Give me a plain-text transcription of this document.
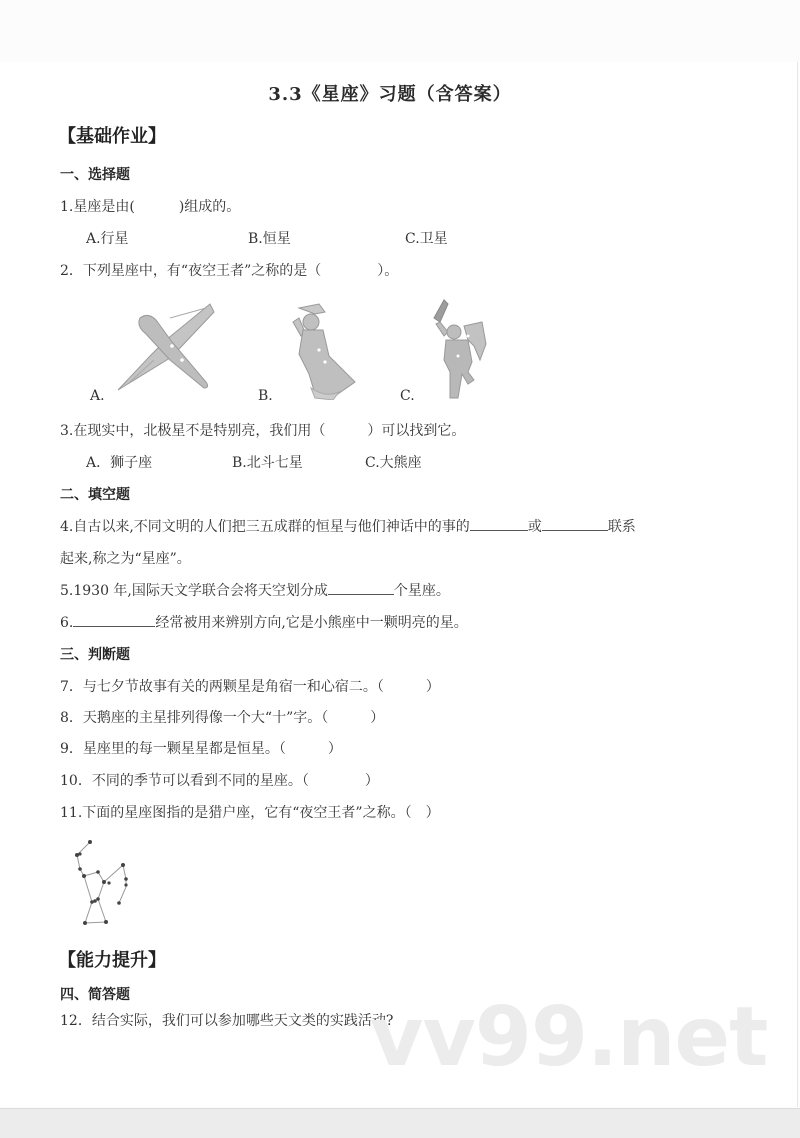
3.3《星座》习题（含答案）
【基础作业】
一、选择题
1.星座是由(	)组成的。
A.行星	B.恒星	C.卫星
2．下列星座中，有“夜空王者”之称的是（　　　　）。
A.	B.	C.
3.在现实中，北极星不是特别亮，我们用（　　　）可以找到它。
A．狮子座	B.北斗七星	C.大熊座
二、填空题
4.自古以来,不同文明的人们把三五成群的恒星与他们神话中的事的	或	联系
起来,称之为“星座”。
5.1930 年,国际天文学联合会将天空划分成	个星座。
6.	经常被用来辨别方向,它是小熊座中一颗明亮的星。
三、判断题
7．与七夕节故事有关的两颗星是角宿一和心宿二。（　　　）
8．天鹅座的主星排列得像一个大“十”字。（　　　）
9．星座里的每一颗星星都是恒星。（　　　）
10．不同的季节可以看到不同的星座。（　　　　）
11.下面的星座图指的是猎户座，它有“夜空王者”之称。（　）
【能力提升】
四、简答题
12．结合实际，我们可以参加哪些天文类的实践活动?
vv99.net
